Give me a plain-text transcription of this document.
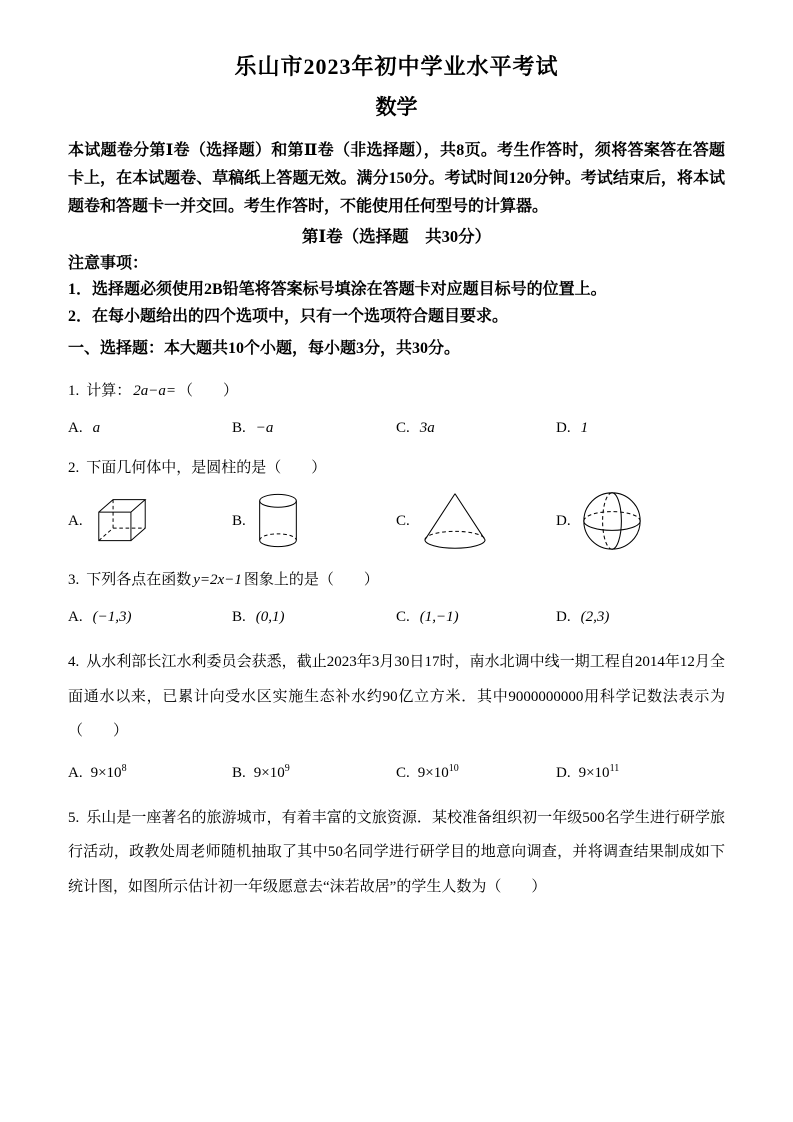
乐山市2023年初中学业水平考试
数学

本试题卷分第Ⅰ卷（选择题）和第Ⅱ卷（非选择题），共8页。考生作答时，须将答案答在答题卡上，在本试题卷、草稿纸上答题无效。满分150分。考试时间120分钟。考试结束后，将本试题卷和答题卡一并交回。考生作答时，不能使用任何型号的计算器。

第Ⅰ卷（选择题　共30分）

注意事项：

1．选择题必须使用2B铅笔将答案标号填涂在答题卡对应题目标号的位置上。

2．在每小题给出的四个选项中，只有一个选项符合题目要求。

一、选择题：本大题共10个小题，每小题3分，共30分。

1. 计算： 2a−a= （　　）

A. a	B. −a	C. 3a	D. 1

2. 下面几何体中，是圆柱的是（　　）

A.	B.	C.	D.

3. 下列各点在函数 y=2x−1 图象上的是（　　）

A. (−1,3)	B. (0,1)	C. (1,−1)	D. (2,3)

4. 从水利部长江水利委员会获悉，截止2023年3月30日17时，南水北调中线一期工程自2014年12月全面通水以来，已累计向受水区实施生态补水约90亿立方米．其中9000000000用科学记数法表示为（　　）

A. $9\times 10^8$	B. $9\times 10^9$	C. $9\times 10^{10}$	D. $9\times 10^{11}$

5. 乐山是一座著名的旅游城市，有着丰富的文旅资源．某校准备组织初一年级500名学生进行研学旅行活动，政教处周老师随机抽取了其中50名同学进行研学目的地意向调查，并将调查结果制成如下统计图，如图所示估计初一年级愿意去“沫若故居”的学生人数为（　　）
